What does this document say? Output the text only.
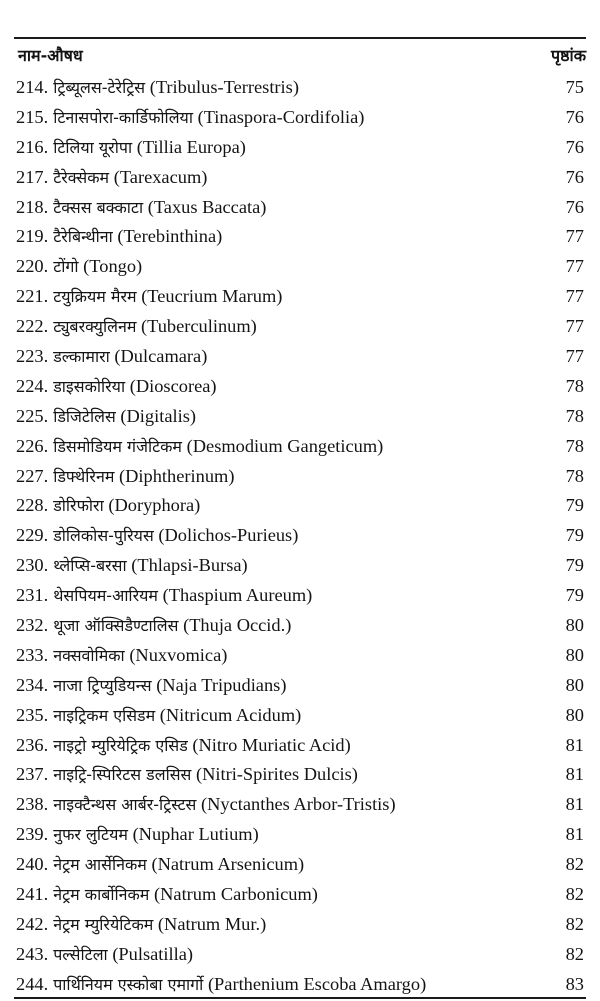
नाम-औषध	पृष्ठांक
214. ट्रिब्यूलस-टेरेट्रिस (Tribulus-Terrestris)	75
215. टिनासपोरा-कार्डिफोलिया (Tinaspora-Cordifolia)	76
216. टिलिया यूरोपा (Tillia Europa)	76
217. टैरेक्सेकम (Tarexacum)	76
218. टैक्सस बक्काटा (Taxus Baccata)	76
219. टैरेबिन्थीना (Terebinthina)	77
220. टोंगो (Tongo)	77
221. टयुक्रियम मैरम (Teucrium Marum)	77
222. ट्युबरक्युलिनम (Tuberculinum)	77
223. डल्कामारा (Dulcamara)	77
224. डाइसकोरिया (Dioscorea)	78
225. डिजिटेलिस (Digitalis)	78
226. डिसमोडियम गंजेटिकम (Desmodium Gangeticum)	78
227. डिफ्थेरिनम (Diphtherinum)	78
228. डोरिफोरा (Doryphora)	79
229. डोलिकोस-पुरियस (Dolichos-Purieus)	79
230. थ्लेप्सि-बरसा (Thlapsi-Bursa)	79
231. थेसपियम-आरियम (Thaspium Aureum)	79
232. थूजा ऑक्सिडैण्टालिस (Thuja Occid.)	80
233. नक्सवोमिका (Nuxvomica)	80
234. नाजा ट्रिप्युडियन्स (Naja Tripudians)	80
235. नाइट्रिकम एसिडम (Nitricum Acidum)	80
236. नाइट्रो म्युरियेट्रिक एसिड (Nitro Muriatic Acid)	81
237. नाइट्रि-स्पिरिटस डलसिस (Nitri-Spirites Dulcis)	81
238. नाइक्टैन्थस आर्बर-ट्रिस्टस (Nyctanthes Arbor-Tristis)	81
239. नुफर लुटियम (Nuphar Lutium)	81
240. नेट्रम आर्सेनिकम (Natrum Arsenicum)	82
241. नेट्रम कार्बोनिकम (Natrum Carbonicum)	82
242. नेट्रम म्युरियेटिकम (Natrum Mur.)	82
243. पल्सेटिला (Pulsatilla)	82
244. पार्थिनियम एस्कोबा एमार्गो (Parthenium Escoba Amargo)	83
